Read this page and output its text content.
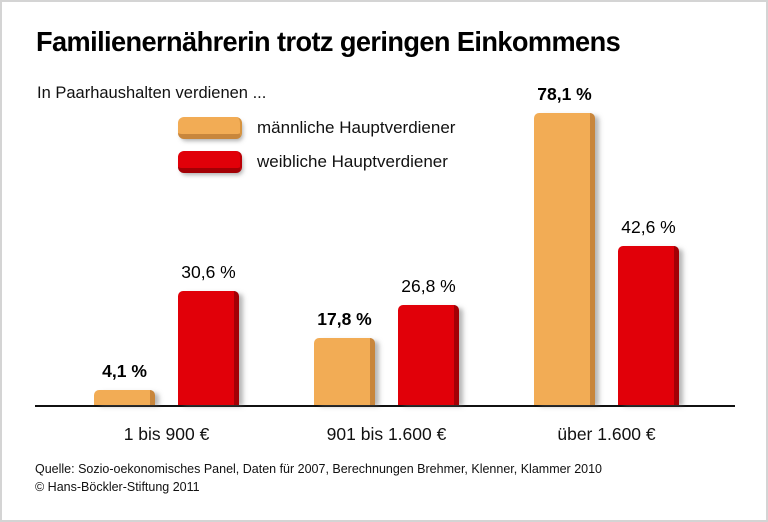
Familienernährerin trotz geringen Einkommens
In Paarhaushalten verdienen ...
männliche Hauptverdiener
weibliche Hauptverdiener
4,1 %
30,6 %
1 bis 900 €
17,8 %
26,8 %
901 bis 1.600 €
78,1 %
42,6 %
über 1.600 €
Quelle: Sozio-oekonomisches Panel, Daten für 2007, Berechnungen Brehmer, Klenner, Klammer 2010
© Hans-Böckler-Stiftung 2011
